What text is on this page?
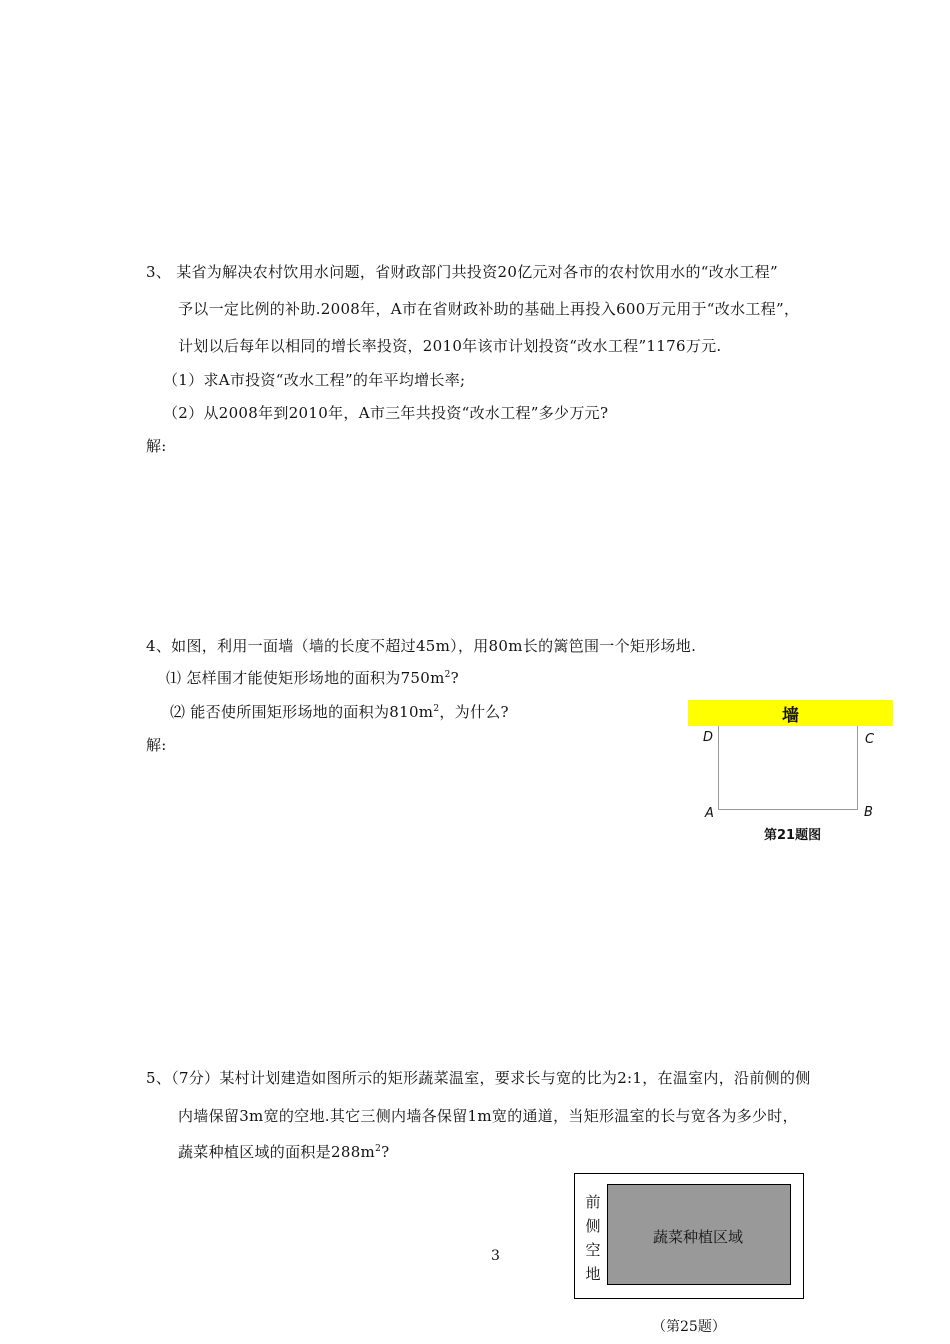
3、 某省为解决农村饮用水问题，省财政部门共投资20亿元对各市的农村饮用水的“改水工程”
予以一定比例的补助.2008年，A市在省财政补助的基础上再投入600万元用于“改水工程”，
计划以后每年以相同的增长率投资，2010年该市计划投资“改水工程”1176万元.
（1）求A市投资“改水工程”的年平均增长率;
（2）从2008年到2010年，A市三年共投资“改水工程”多少万元?
解:
4、如图，利用一面墙（墙的长度不超过45m），用80m长的篱笆围一个矩形场地.
⑴ 怎样围才能使矩形场地的面积为$750m^2$?
⑵ 能否使所围矩形场地的面积为$810m^2$，为什么?
解:
墙
D	C
A	B
第21题图
5、（7分）某村计划建造如图所示的矩形蔬菜温室，要求长与宽的比为2:1，在温室内，沿前侧的侧
内墙保留3m宽的空地.其它三侧内墙各保留1m宽的通道，当矩形温室的长与宽各为多少时，
蔬菜种植区域的面积是$288m^2$?
蔬菜种植区域
前
侧
空
地
（第25题）
3
